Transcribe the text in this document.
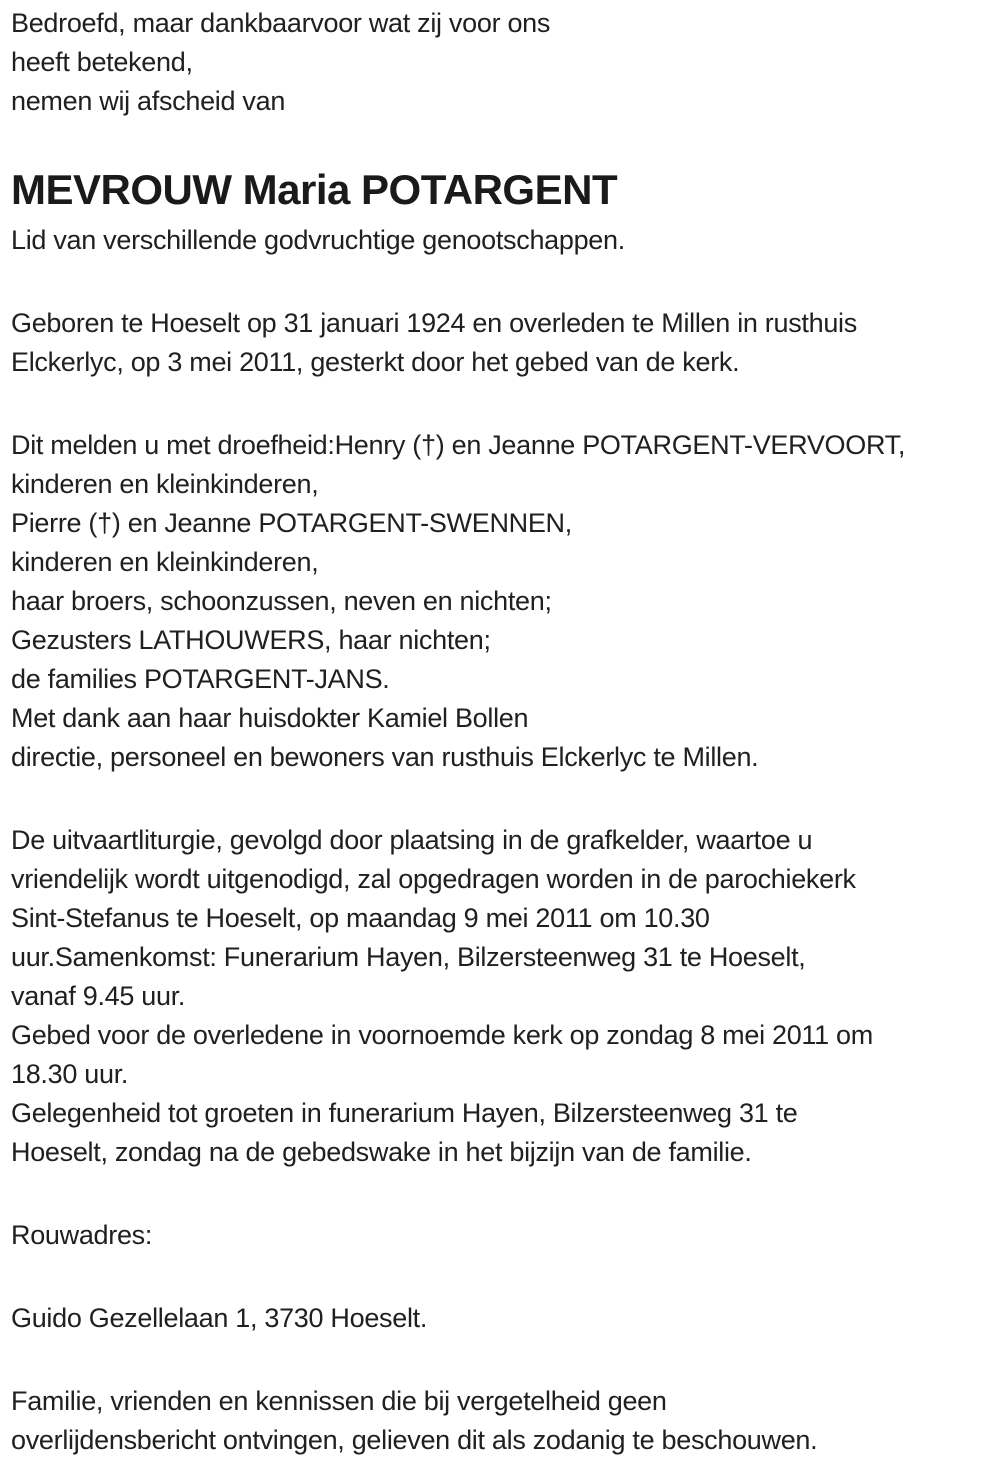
Bedroefd, maar dankbaarvoor wat zij voor ons
heeft betekend,
nemen wij afscheid van

MEVROUW Maria POTARGENT
Lid van verschillende godvruchtige genootschappen.

Geboren te Hoeselt op 31 januari 1924 en overleden te Millen in rusthuis
Elckerlyc, op 3 mei 2011, gesterkt door het gebed van de kerk.

Dit melden u met droefheid:Henry (†) en Jeanne POTARGENT-VERVOORT,
kinderen en kleinkinderen,
Pierre (†) en Jeanne POTARGENT-SWENNEN,
kinderen en kleinkinderen,
haar broers, schoonzussen, neven en nichten;
Gezusters LATHOUWERS, haar nichten;
de families POTARGENT-JANS.
Met dank aan haar huisdokter Kamiel Bollen
directie, personeel en bewoners van rusthuis Elckerlyc te Millen.

De uitvaartliturgie, gevolgd door plaatsing in de grafkelder, waartoe u
vriendelijk wordt uitgenodigd, zal opgedragen worden in de parochiekerk
Sint-Stefanus te Hoeselt, op maandag 9 mei 2011 om 10.30
uur.Samenkomst: Funerarium Hayen, Bilzersteenweg 31 te Hoeselt,
vanaf 9.45 uur.
Gebed voor de overledene in voornoemde kerk op zondag 8 mei 2011 om
18.30 uur.
Gelegenheid tot groeten in funerarium Hayen, Bilzersteenweg 31 te
Hoeselt, zondag na de gebedswake in het bijzijn van de familie.

Rouwadres:

Guido Gezellelaan 1, 3730 Hoeselt.

Familie, vrienden en kennissen die bij vergetelheid geen
overlijdensbericht ontvingen, gelieven dit als zodanig te beschouwen.
